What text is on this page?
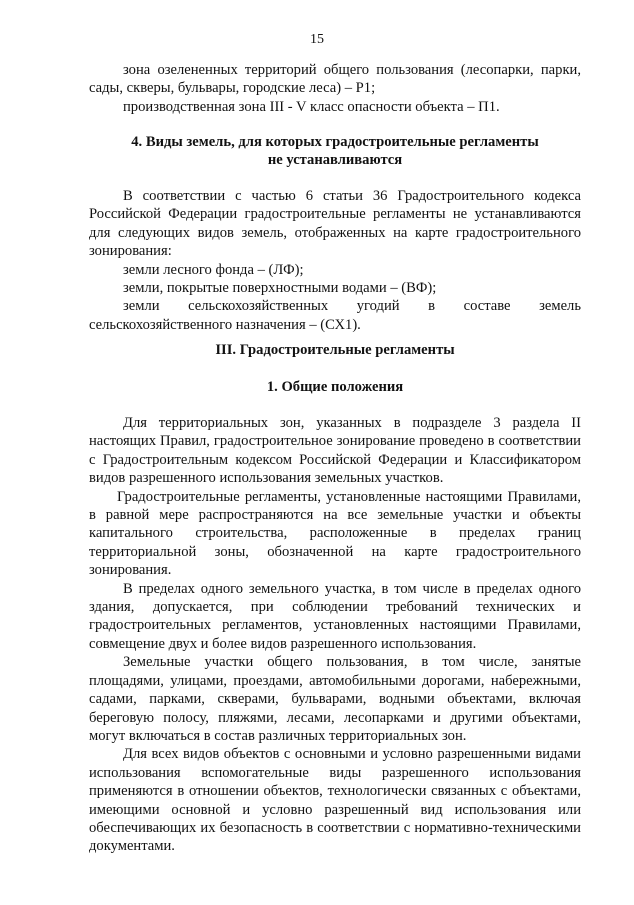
15

зона озелененных территорий общего пользования (лесопарки, парки, сады, скверы, бульвары, городские леса) – Р1;

производственная зона III - V класс опасности объекта – П1.

4. Виды земель, для которых градостроительные регламенты

не устанавливаются

В соответствии с частью 6 статьи 36 Градостроительного кодекса Российской Федерации градостроительные регламенты не устанавливаются для следующих видов земель, отображенных на карте градостроительного зонирования:

земли лесного фонда – (ЛФ);

земли, покрытые поверхностными водами – (ВФ);

земли сельскохозяйственных угодий в составе земель сельскохозяйственного назначения – (СХ1).

III. Градостроительные регламенты

1. Общие положения

Для территориальных зон, указанных в подразделе 3 раздела II настоящих Правил, градостроительное зонирование проведено в соответствии с Градостроительным кодексом Российской Федерации и Классификатором видов разрешенного использования земельных участков.

Градостроительные регламенты, установленные настоящими Правилами, в равной мере распространяются на все земельные участки и объекты капитального строительства, расположенные в пределах границ территориальной зоны, обозначенной на карте градостроительного зонирования.

В пределах одного земельного участка, в том числе в пределах одного здания, допускается, при соблюдении требований технических и градостроительных регламентов, установленных настоящими Правилами, совмещение двух и более видов разрешенного использования.

Земельные участки общего пользования, в том числе, занятые площадями, улицами, проездами, автомобильными дорогами, набережными, садами, парками, скверами, бульварами, водными объектами, включая береговую полосу, пляжями, лесами, лесопарками и другими объектами, могут включаться в состав различных территориальных зон.

Для всех видов объектов с основными и условно разрешенными видами использования вспомогательные виды разрешенного использования применяются в отношении объектов, технологически связанных с объектами, имеющими основной и условно разрешенный вид использования или обеспечивающих их безопасность в соответствии с нормативно-техническими документами.
